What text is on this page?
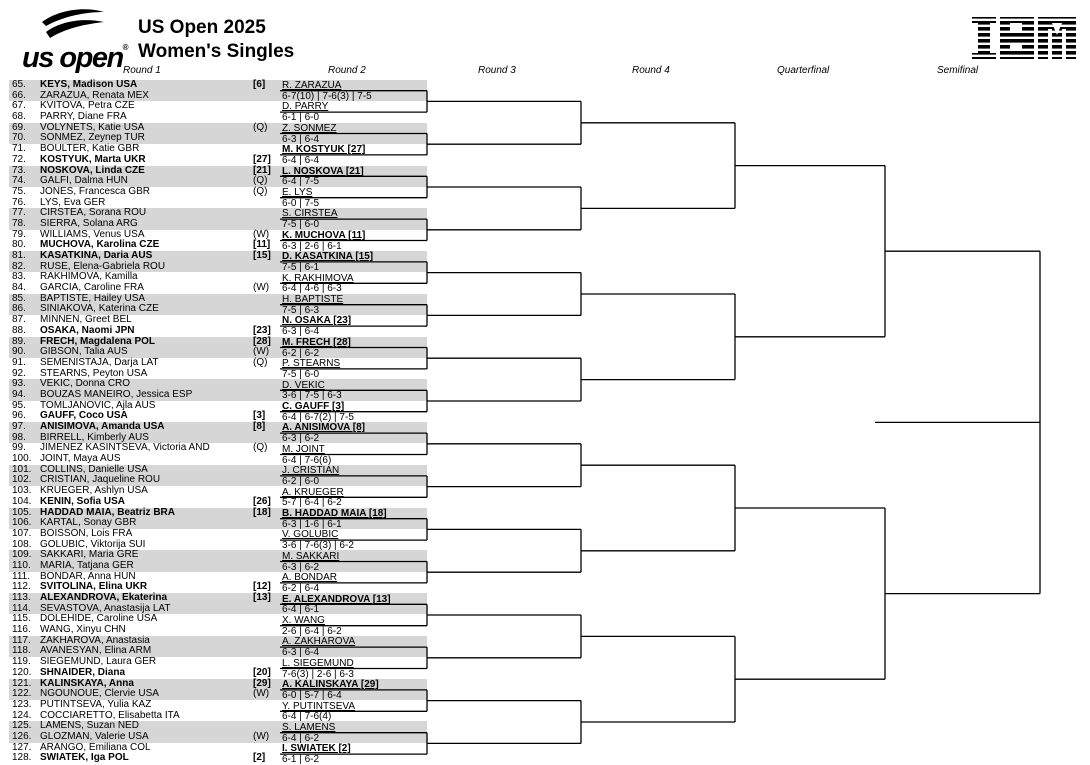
us open®
US Open 2025
Women's Singles
IBM
Round 1	Round 2	Round 3	Round 4	Quarterfinal	Semifinal
65. KEYS, Madison USA	[6]
66. ZARAZUA, Renata MEX
67. KVITOVA, Petra CZE
68. PARRY, Diane FRA
69. VOLYNETS, Katie USA	(Q)
70. SONMEZ, Zeynep TUR
71. BOULTER, Katie GBR
72. KOSTYUK, Marta UKR	[27]
73. NOSKOVA, Linda CZE	[21]
74. GALFI, Dalma HUN	(Q)
75. JONES, Francesca GBR	(Q)
76. LYS, Eva GER
77. CIRSTEA, Sorana ROU
78. SIERRA, Solana ARG
79. WILLIAMS, Venus USA	(W)
80. MUCHOVA, Karolina CZE	[11]
81. KASATKINA, Daria AUS	[15]
82. RUSE, Elena-Gabriela ROU
83. RAKHIMOVA, Kamilla
84. GARCIA, Caroline FRA	(W)
85. BAPTISTE, Hailey USA
86. SINIAKOVA, Katerina CZE
87. MINNEN, Greet BEL
88. OSAKA, Naomi JPN	[23]
89. FRECH, Magdalena POL	[28]
90. GIBSON, Talia AUS	(W)
91. SEMENISTAJA, Darja LAT	(Q)
92. STEARNS, Peyton USA
93. VEKIC, Donna CRO
94. BOUZAS MANEIRO, Jessica ESP
95. TOMLJANOVIC, Ajla AUS
96. GAUFF, Coco USA	[3]
97. ANISIMOVA, Amanda USA	[8]
98. BIRRELL, Kimberly AUS
99. JIMENEZ KASINTSEVA, Victoria AND	(Q)
100. JOINT, Maya AUS
101. COLLINS, Danielle USA
102. CRISTIAN, Jaqueline ROU
103. KRUEGER, Ashlyn USA
104. KENIN, Sofia USA	[26]
105. HADDAD MAIA, Beatriz BRA	[18]
106. KARTAL, Sonay GBR
107. BOISSON, Lois FRA
108. GOLUBIC, Viktorija SUI
109. SAKKARI, Maria GRE
110. MARIA, Tatjana GER
111. BONDAR, Anna HUN
112. SVITOLINA, Elina UKR	[12]
113. ALEXANDROVA, Ekaterina	[13]
114. SEVASTOVA, Anastasija LAT
115. DOLEHIDE, Caroline USA
116. WANG, Xinyu CHN
117. ZAKHAROVA, Anastasia
118. AVANESYAN, Elina ARM
119. SIEGEMUND, Laura GER
120. SHNAIDER, Diana	[20]
121. KALINSKAYA, Anna	[29]
122. NGOUNOUE, Clervie USA	(W)
123. PUTINTSEVA, Yulia KAZ
124. COCCIARETTO, Elisabetta ITA
125. LAMENS, Suzan NED
126. GLOZMAN, Valerie USA	(W)
127. ARANGO, Emiliana COL
128. SWIATEK, Iga POL	[2]
R. ZARAZUA
6-7(10) | 7-6(3) | 7-5
D. PARRY
6-1 | 6-0
Z. SONMEZ
6-3 | 6-4
M. KOSTYUK [27]
6-4 | 6-4
L. NOSKOVA [21]
6-4 | 7-5
E. LYS
6-0 | 7-5
S. CIRSTEA
7-5 | 6-0
K. MUCHOVA [11]
6-3 | 2-6 | 6-1
D. KASATKINA [15]
7-5 | 6-1
K. RAKHIMOVA
6-4 | 4-6 | 6-3
H. BAPTISTE
7-5 | 6-3
N. OSAKA [23]
6-3 | 6-4
M. FRECH [28]
6-2 | 6-2
P. STEARNS
7-5 | 6-0
D. VEKIC
3-6 | 7-5 | 6-3
C. GAUFF [3]
6-4 | 6-7(2) | 7-5
A. ANISIMOVA [8]
6-3 | 6-2
M. JOINT
6-4 | 7-6(6)
J. CRISTIAN
6-2 | 6-0
A. KRUEGER
5-7 | 6-4 | 6-2
B. HADDAD MAIA [18]
6-3 | 1-6 | 6-1
V. GOLUBIC
3-6 | 7-6(3) | 6-2
M. SAKKARI
6-3 | 6-2
A. BONDAR
6-2 | 6-4
E. ALEXANDROVA [13]
6-4 | 6-1
X. WANG
2-6 | 6-4 | 6-2
A. ZAKHAROVA
6-3 | 6-4
L. SIEGEMUND
7-6(3) | 2-6 | 6-3
A. KALINSKAYA [29]
6-0 | 5-7 | 6-4
Y. PUTINTSEVA
6-4 | 7-6(4)
S. LAMENS
6-4 | 6-2
I. SWIATEK [2]
6-1 | 6-2
